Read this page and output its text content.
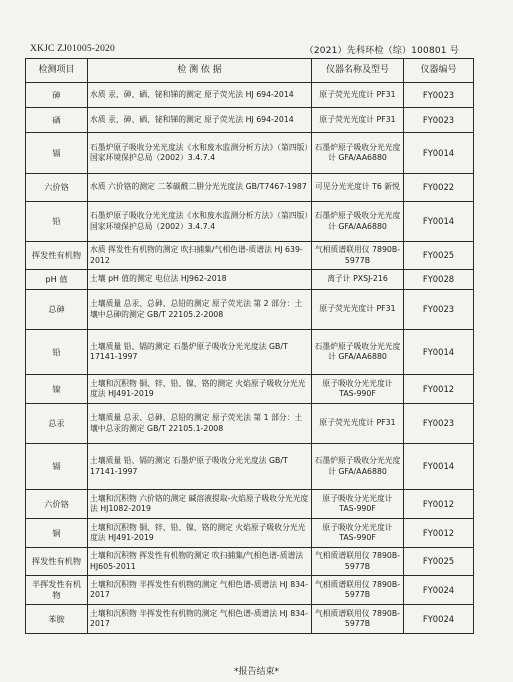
XKJC ZJ01005-2020	（2021）先科环检（综）100801 号
检测项目	检 测 依 据	仪器名称及型号	仪器编号
砷	水质 汞、砷、硒、铋和锑的测定 原子荧光法 HJ 694-2014	原子荧光光度计 PF31	FY0023
硒	水质 汞、砷、硒、铋和锑的测定 原子荧光法 HJ 694-2014	原子荧光光度计 PF31	FY0023
镉	石墨炉原子吸收分光光度法《水和废水监测分析方法》（第四版）国家环境保护总局（2002）3.4.7.4	石墨炉原子吸收分光光度计 GFA/AA6880	FY0014
六价铬	水质 六价铬的测定 二苯碳酰二肼分光光度法 GB/T7467-1987	可见分光光度计 T6 新悦	FY0022
铅	石墨炉原子吸收分光光度法《水和废水监测分析方法》（第四版）国家环境保护总局（2002）3.4.7.4	石墨炉原子吸收分光光度计 GFA/AA6880	FY0014
挥发性有机物	水质 挥发性有机物的测定 吹扫捕集/气相色谱-质谱法 HJ 639-2012	气相质谱联用仪 7890B-5977B	FY0025
pH 值	土壤 pH 值的测定 电位法 HJ962-2018	离子计 PXSJ-216	FY0028
总砷	土壤质量 总汞、总砷、总铅的测定 原子荧光法 第 2 部分：土壤中总砷的测定 GB/T 22105.2-2008	原子荧光光度计 PF31	FY0023
铅	土壤质量 铅、镉的测定 石墨炉原子吸收分光光度法 GB/T 17141-1997	石墨炉原子吸收分光光度计 GFA/AA6880	FY0014
镍	土壤和沉积物 铜、锌、铅、镍、铬的测定 火焰原子吸收分光光度法 HJ491-2019	原子吸收分光光度计 TAS-990F	FY0012
总汞	土壤质量 总汞、总砷、总铅的测定 原子荧光法 第 1 部分：土壤中总汞的测定 GB/T 22105.1-2008	原子荧光光度计 PF31	FY0023
镉	土壤质量 铅、镉的测定 石墨炉原子吸收分光光度法 GB/T 17141-1997	石墨炉原子吸收分光光度计 GFA/AA6880	FY0014
六价铬	土壤和沉积物 六价铬的测定 碱溶液提取-火焰原子吸收分光光度法 HJ1082-2019	原子吸收分光光度计 TAS-990F	FY0012
铜	土壤和沉积物 铜、锌、铅、镍、铬的测定 火焰原子吸收分光光度法 HJ491-2019	原子吸收分光光度计 TAS-990F	FY0012
挥发性有机物	土壤和沉积物 挥发性有机物的测定 吹扫捕集/气相色谱-质谱法 HJ605-2011	气相质谱联用仪 7890B-5977B	FY0025
半挥发性有机物	土壤和沉积物 半挥发性有机物的测定 气相色谱-质谱法 HJ 834-2017	气相质谱联用仪 7890B-5977B	FY0024
苯胺	土壤和沉积物 半挥发性有机物的测定 气相色谱-质谱法 HJ 834-2017	气相质谱联用仪 7890B-5977B	FY0024
*报告结束*
